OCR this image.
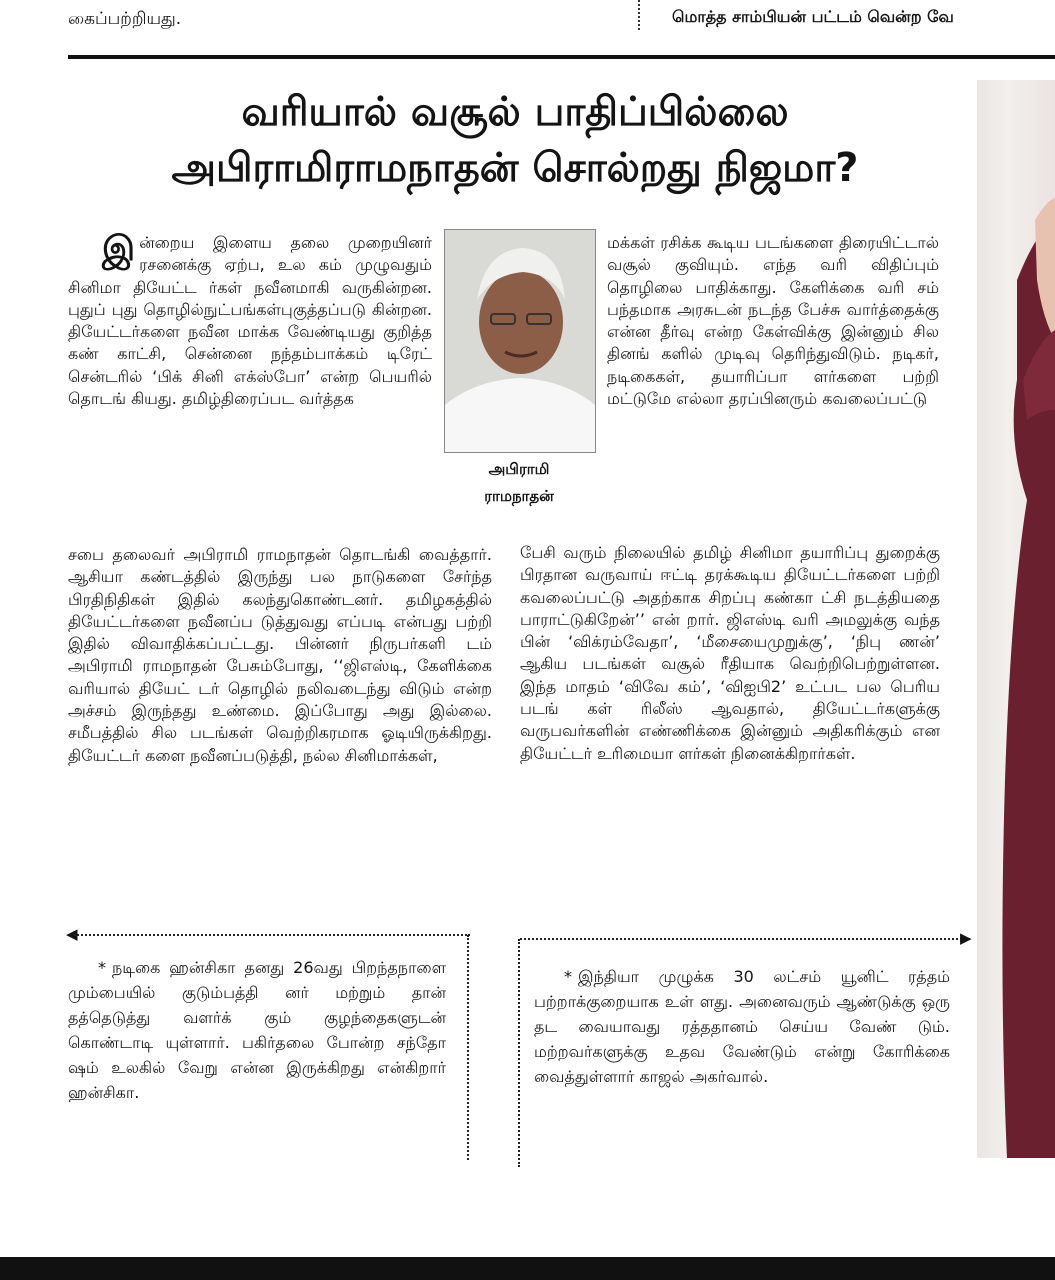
கைப்பற்றியது.	மொத்த சாம்பியன் பட்டம் வென்ற வே
வரியால் வசூல் பாதிப்பில்லை
அபிராமிராமநாதன் சொல்றது நிஜமா?

இன்றைய இளைய தலை முறையினர் ரசனைக்கு ஏற்ப, உல கம் முழுவதும் சினிமா தியேட்ட ர்கள் நவீனமாகி வருகின்றன. புதுப் புது தொழில்நுட்பங்கள்புகுத்தப்படு கின்றன. தியேட்டர்களை நவீன மாக்க வேண்டியது குறித்த கண் காட்சி, சென்னை நந்தம்பாக்கம் டிரேட் சென்டரில் ‘பிக் சினி எக்ஸ்போ’ என்ற பெயரில் தொடங் கியது. தமிழ்திரைப்பட வர்த்தக

அபிராமி
ராமநாதன்

சபை தலைவர் அபிராமி ராமநாதன் தொடங்கி வைத்தார். ஆசியா கண்டத்தில் இருந்து பல நாடுகளை சேர்ந்த பிரதிநிதிகள் இதில் கலந்துகொண்டனர். தமிழகத்தில் தியேட்டர்களை நவீனப்ப டுத்துவது எப்படி என்பது பற்றி இதில் விவாதிக்கப்பட்டது. பின்னர் நிருபர்களி டம் அபிராமி ராமநாதன் பேசும்போது, ‘‘ஜிஎஸ்டி, கேளிக்கை வரியால் தியேட் டர் தொழில் நலிவடைந்து விடும் என்ற அச்சம் இருந்தது உண்மை. இப்போது அது இல்லை. சமீபத்தில் சில படங்கள் வெற்றிகரமாக ஓடியிருக்கிறது. தியேட்டர் களை நவீனப்படுத்தி, நல்ல சினிமாக்கள்,

மக்கள் ரசிக்க கூடிய படங்களை திரையிட்டால் வசூல் குவியும். எந்த வரி விதிப்பும் தொழிலை பாதிக்காது. கேளிக்கை வரி சம் பந்தமாக அரசுடன் நடந்த பேச்சு வார்த்தைக்கு என்ன தீர்வு என்ற கேள்விக்கு இன்னும் சில தினங் களில் முடிவு தெரிந்துவிடும். நடிகர், நடிகைகள், தயாரிப்பா ளர்களை பற்றி மட்டுமே எல்லா தரப்பினரும் கவலைப்பட்டு

பேசி வரும் நிலையில் தமிழ் சினிமா தயாரிப்பு துறைக்கு பிரதான வருவாய் ஈட்டி தரக்கூடிய தியேட்டர்களை பற்றி கவலைப்பட்டு அதற்காக சிறப்பு கண்கா ட்சி நடத்தியதை பாராட்டுகிறேன்’’ என் றார். ஜிஎஸ்டி வரி அமலுக்கு வந்த பின் ‘விக்ரம்வேதா’, ‘மீசையைமுறுக்கு’, ‘நிபு ணன்’ ஆகிய படங்கள் வசூல் ரீதியாக வெற்றிபெற்றுள்ளன. இந்த மாதம் ‘விவே கம்’, ‘விஐபி2’ உட்பட பல பெரிய படங் கள் ரிலீஸ் ஆவதால், தியேட்டர்களுக்கு வருபவர்களின் எண்ணிக்கை இன்னும் அதிகரிக்கும் என தியேட்டர் உரிமையா ளர்கள் நினைக்கிறார்கள்.

◀	▶

* நடிகை ஹன்சிகா தனது 26வது பிறந்தநாளை மும்பையில் குடும்பத்தி னர் மற்றும் தான் தத்தெடுத்து வளர்க் கும் குழந்தைகளுடன் கொண்டாடி யுள்ளார். பகிர்தலை போன்ற சந்தோ ஷம் உலகில் வேறு என்ன இருக்கிறது என்கிறார் ஹன்சிகா.

* இந்தியா முழுக்க 30 லட்சம் யூனிட் ரத்தம் பற்றாக்குறையாக உள் ளது. அனைவரும் ஆண்டுக்கு ஒரு தட வையாவது ரத்ததானம் செய்ய வேண் டும். மற்றவர்களுக்கு உதவ வேண்டும் என்று கோரிக்கை வைத்துள்ளார் காஜல் அகர்வால்.
